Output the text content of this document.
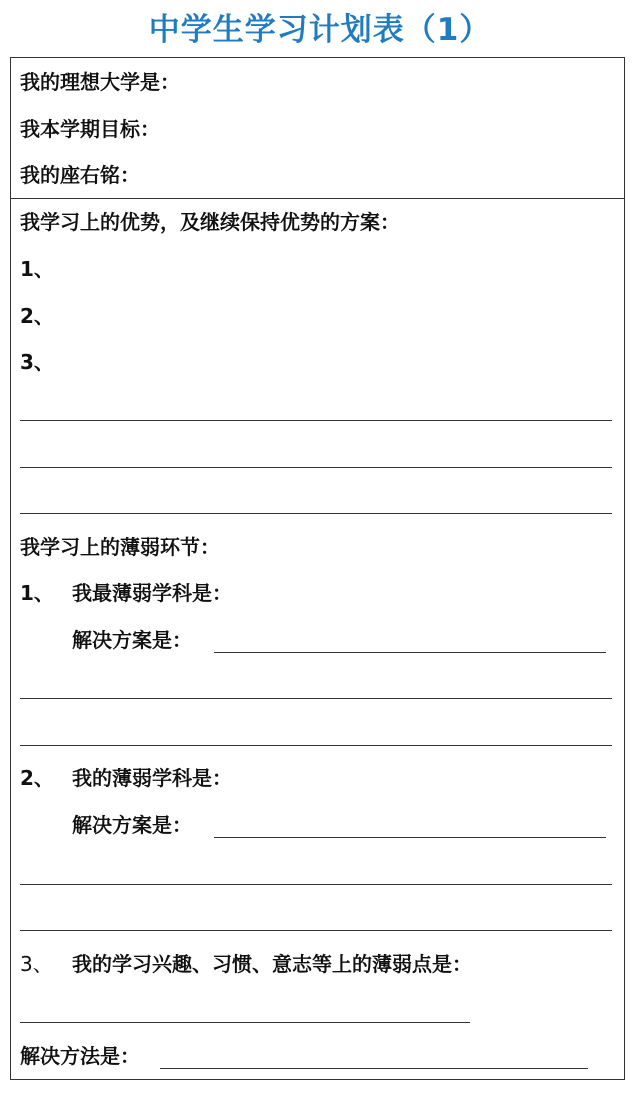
中学生学习计划表（1）
我的理想大学是：
我本学期目标：
我的座右铭：
我学习上的优势，及继续保持优势的方案：
1、
2、
3、
我学习上的薄弱环节：
1、 我最薄弱学科是：
解决方案是：
2、 我的薄弱学科是：
解决方案是：
3、 我的学习兴趣、习惯、意志等上的薄弱点是：
解决方法是：
